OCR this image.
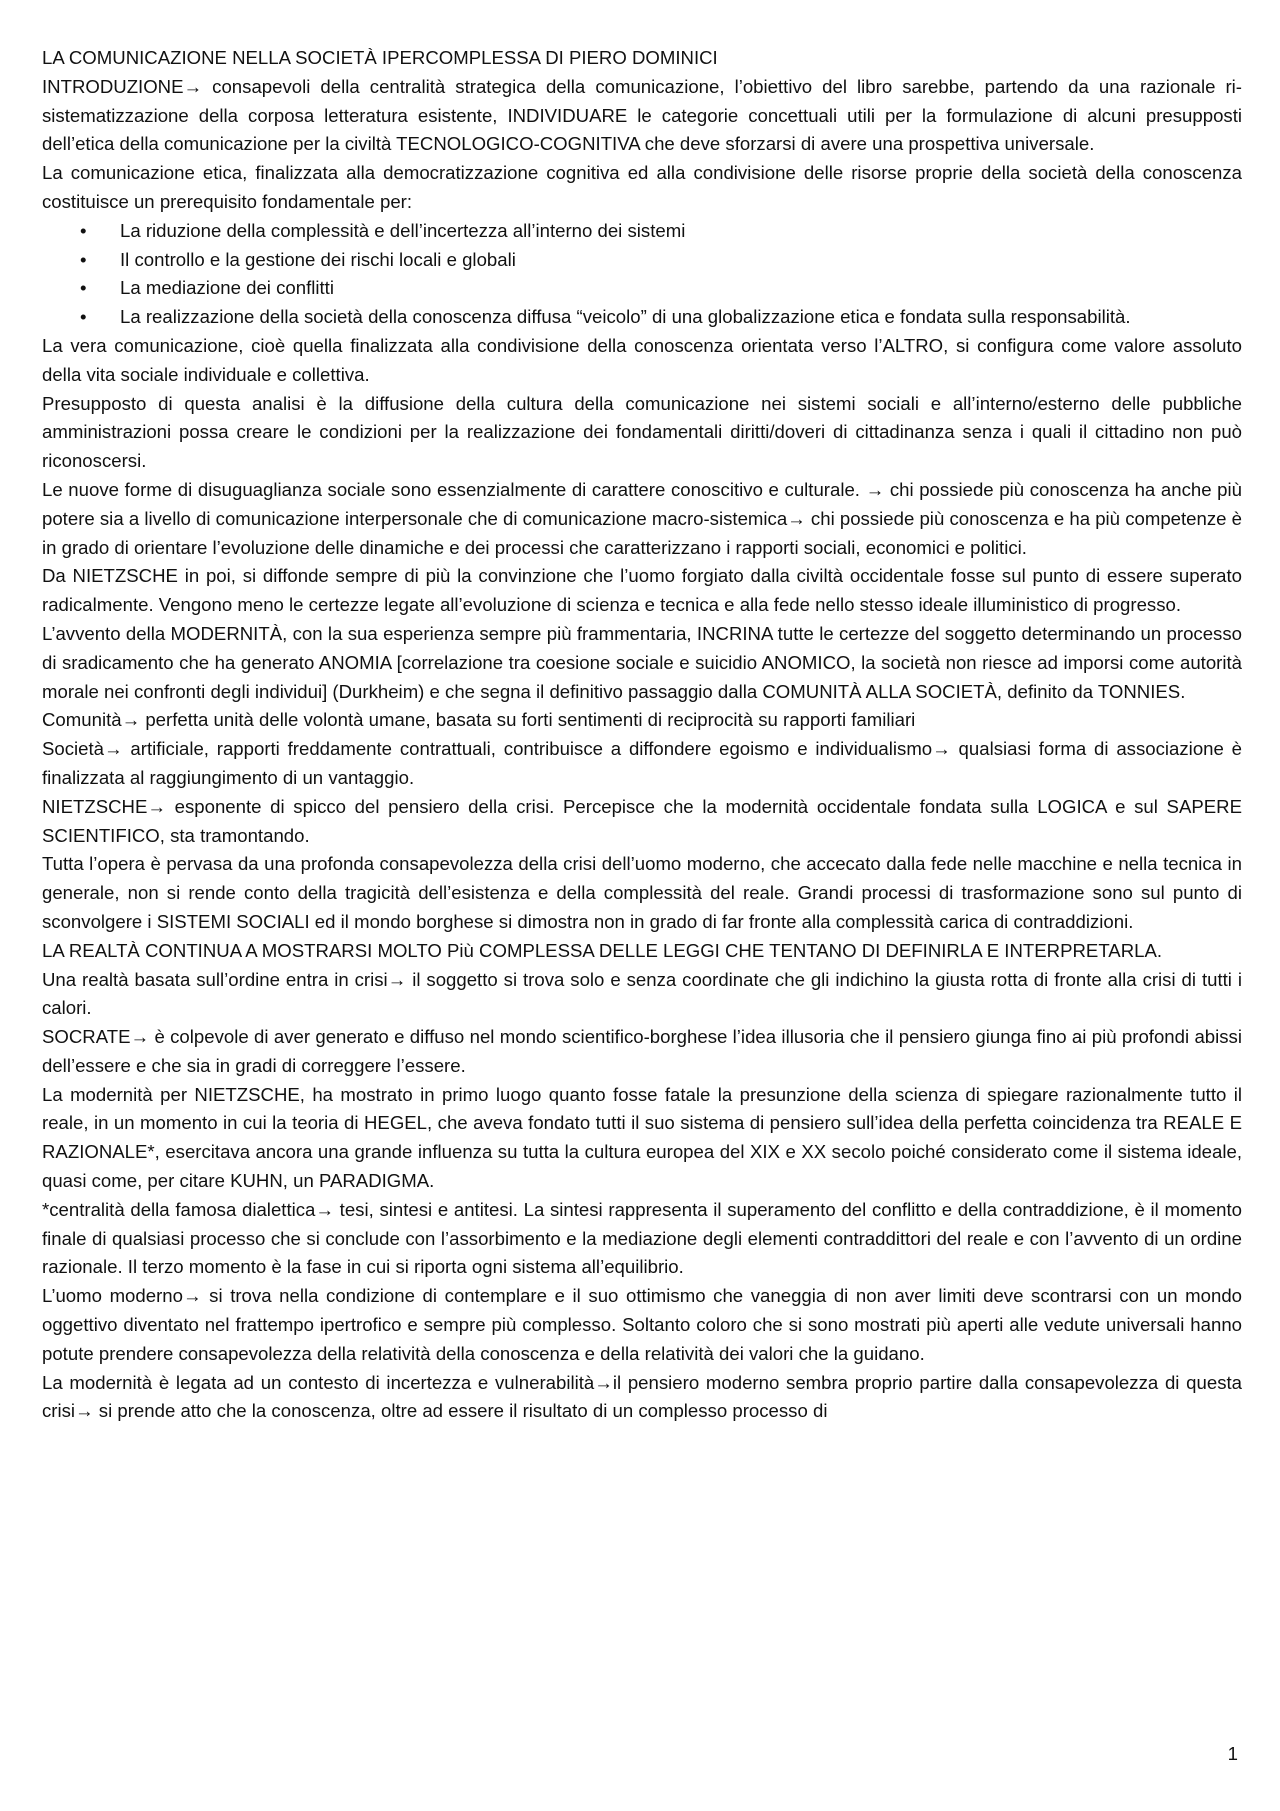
LA COMUNICAZIONE NELLA SOCIETÀ IPERCOMPLESSA DI PIERO DOMINICI

INTRODUZIONE→ consapevoli della centralità strategica della comunicazione, l’obiettivo del libro sarebbe, partendo da una razionale ri-sistematizzazione della corposa letteratura esistente, INDIVIDUARE le categorie concettuali utili per la formulazione di alcuni presupposti dell’etica della comunicazione per la civiltà TECNOLOGICO-COGNITIVA che deve sforzarsi di avere una prospettiva universale.

La comunicazione etica, finalizzata alla democratizzazione cognitiva ed alla condivisione delle risorse proprie della società della conoscenza costituisce un prerequisito fondamentale per:

• La riduzione della complessità e dell’incertezza all’interno dei sistemi
• Il controllo e la gestione dei rischi locali e globali
• La mediazione dei conflitti
• La realizzazione della società della conoscenza diffusa “veicolo” di una globalizzazione etica e fondata sulla responsabilità.

La vera comunicazione, cioè quella finalizzata alla condivisione della conoscenza orientata verso l’ALTRO, si configura come valore assoluto della vita sociale individuale e collettiva.

Presupposto di questa analisi è la diffusione della cultura della comunicazione nei sistemi sociali e all’interno/esterno delle pubbliche amministrazioni possa creare le condizioni per la realizzazione dei fondamentali diritti/doveri di cittadinanza senza i quali il cittadino non può riconoscersi.

Le nuove forme di disuguaglianza sociale sono essenzialmente di carattere conoscitivo e culturale. → chi possiede più conoscenza ha anche più potere sia a livello di comunicazione interpersonale che di comunicazione macro-sistemica→ chi possiede più conoscenza e ha più competenze è in grado di orientare l’evoluzione delle dinamiche e dei processi che caratterizzano i rapporti sociali, economici e politici.

Da NIETZSCHE in poi, si diffonde sempre di più la convinzione che l’uomo forgiato dalla civiltà occidentale fosse sul punto di essere superato radicalmente. Vengono meno le certezze legate all’evoluzione di scienza e tecnica e alla fede nello stesso ideale illuministico di progresso.

L’avvento della MODERNITÀ, con la sua esperienza sempre più frammentaria, INCRINA tutte le certezze del soggetto determinando un processo di sradicamento che ha generato ANOMIA [correlazione tra coesione sociale e suicidio ANOMICO, la società non riesce ad imporsi come autorità morale nei confronti degli individui] (Durkheim) e che segna il definitivo passaggio dalla COMUNITÀ ALLA SOCIETÀ, definito da TONNIES.

Comunità→ perfetta unità delle volontà umane, basata su forti sentimenti di reciprocità su rapporti familiari

Società→ artificiale, rapporti freddamente contrattuali, contribuisce a diffondere egoismo e individualismo→ qualsiasi forma di associazione è finalizzata al raggiungimento di un vantaggio.

NIETZSCHE→ esponente di spicco del pensiero della crisi. Percepisce che la modernità occidentale fondata sulla LOGICA e sul SAPERE SCIENTIFICO, sta tramontando.

Tutta l’opera è pervasa da una profonda consapevolezza della crisi dell’uomo moderno, che accecato dalla fede nelle macchine e nella tecnica in generale, non si rende conto della tragicità dell’esistenza e della complessità del reale. Grandi processi di trasformazione sono sul punto di sconvolgere i SISTEMI SOCIALI ed il mondo borghese si dimostra non in grado di far fronte alla complessità carica di contraddizioni.

LA REALTÀ CONTINUA A MOSTRARSI MOLTO Più COMPLESSA DELLE LEGGI CHE TENTANO DI DEFINIRLA E INTERPRETARLA.

Una realtà basata sull’ordine entra in crisi→ il soggetto si trova solo e senza coordinate che gli indichino la giusta rotta di fronte alla crisi di tutti i calori.

SOCRATE→ è colpevole di aver generato e diffuso nel mondo scientifico-borghese l’idea illusoria che il pensiero giunga fino ai più profondi abissi dell’essere e che sia in gradi di correggere l’essere.

La modernità per NIETZSCHE, ha mostrato in primo luogo quanto fosse fatale la presunzione della scienza di spiegare razionalmente tutto il reale, in un momento in cui la teoria di HEGEL, che aveva fondato tutti il suo sistema di pensiero sull’idea della perfetta coincidenza tra REALE E RAZIONALE*, esercitava ancora una grande influenza su tutta la cultura europea del XIX e XX secolo poiché considerato come il sistema ideale, quasi come, per citare KUHN, un PARADIGMA.

*centralità della famosa dialettica→ tesi, sintesi e antitesi. La sintesi rappresenta il superamento del conflitto e della contraddizione, è il momento finale di qualsiasi processo che si conclude con l’assorbimento e la mediazione degli elementi contraddittori del reale e con l’avvento di un ordine razionale. Il terzo momento è la fase in cui si riporta ogni sistema all’equilibrio.

L’uomo moderno→ si trova nella condizione di contemplare e il suo ottimismo che vaneggia di non aver limiti deve scontrarsi con un mondo oggettivo diventato nel frattempo ipertrofico e sempre più complesso. Soltanto coloro che si sono mostrati più aperti alle vedute universali hanno potute prendere consapevolezza della relatività della conoscenza e della relatività dei valori che la guidano.

La modernità è legata ad un contesto di incertezza e vulnerabilità→il pensiero moderno sembra proprio partire dalla consapevolezza di questa crisi→ si prende atto che la conoscenza, oltre ad essere il risultato di un complesso processo di

1
